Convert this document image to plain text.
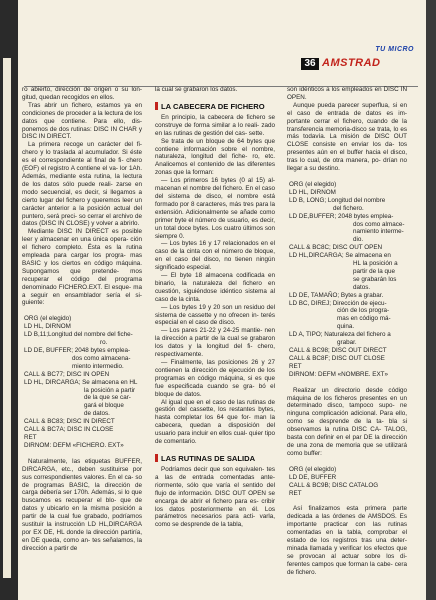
TU MICRO
36 AMSTRAD

ro abierto, dirección de origen o su lon- gitud, quedan recogidos en ellos.

Tras abrir un fichero, estamos ya en condiciones de proceder a la lectura de los datos que contiene. Para ello, dis- ponemos de dos rutinas: DISC IN CHAR y DISC IN DIRECT.

La primera recoge un carácter del fi- chero y lo traslada al acumulador. Si éste es el correspondiente al final de fi- chero (EOF) el registro A contiene el va- lor 1Ah. Además, mediante esta rutina, la lectura de los datos sólo puede reali- zarse en modo secuencial, es decir, si llegamos a cierto lugar del fichero y queremos leer un carácter anterior a la posición actual del puntero, será preci- so cerrar el archivo de datos (DISC IN CLOSE) y volver a abrirlo.

Mediante DISC IN DIRECT es posible leer y almacenar en una única opera- ción el fichero completo. Ésta es la rutina empleada para cargar los progra- mas BASIC y los ciertos en código máquina. Supongamos que pretende- mos recuperar el código del programa denominado FICHERO.EXT. El esque- ma a seguir en ensamblador sería el si- guiente:

ORG (el elegido)

LD HL, DIRNOM

LD B,11;Longitud del nombre del fiche-

ro.

LD DE, BUFFER; 2048 bytes emplea-

dos como almacena-

miento intermedio.

CALL & BC77; DISC IN OPEN

LD HL, DIRCARGA; Se almacena en HL

la posición a partir

de la que se car-

gará el bloque

de datos.

CALL & BC83; DISC IN DIRECT

CALL & BC7A; DISC IN CLOSE

RET

DIRNOM: DEFM «FICHERO. EXT»

Naturalmente, las etiquetas BUFFER, DIRCARGA, etc., deben sustituirse por sus correspondientes valores. En el ca- so de programas BASIC, la dirección de carga debería ser 170h. Además, si lo que buscamos es recuperar el blo- que de datos y ubicarlo en la misma posición a partir de la cual fue grabado, podríamos sustituir la instrucción LD HL,DIRCARGA por EX DE, HL donde la dirección partiría, en DE queda, como an- tes señalamos, la dirección a partir de

la cual se grabaron los datos.

LA CABECERA DE FICHERO

En principio, la cabecera de fichero se construye de forma similar a lo reali- zado en las rutinas de gestión del cas- sette.

Se trata de un bloque de 64 bytes que contiene información sobre el nombre, naturaleza, longitud del fiche- ro, etc. Analicemos el contenido de las diferentes zonas que la forman:

— Los primeros 16 bytes (0 al 15) al- macenan el nombre del fichero. En el caso del sistema de disco, el nombre está formado por 8 caracteres, más tres para la extensión. Adicionalmente se añade como primer byte el número de usuario, es decir, un total doce bytes. Los cuatro últimos son siempre 0.

— Los bytes 16 y 17 relacionados en el caso de la cinta con el número de bloque, en el caso del disco, no tienen ningún significado especial.

— El byte 18 almacena codificada en binario, la naturaleza del fichero en cuestión, siguiéndose idéntico sistema al caso de la cinta.

— Los bytes 19 y 20 son un residuo del sistema de cassette y no ofrecen in- terés especial en el caso de disco.

— Los pares 21-22 y 24-25 mantie- nen la dirección a partir de la cual se grabaron los datos y la longitud del fi- chero, respectivamente.

— Finalmente, las posiciones 26 y 27 contienen la dirección de ejecución de los programas en código máquina, si es que fue especificada cuando se gra- bó el bloque de datos.

Al igual que en el caso de las rutinas de gestión del cassette, los restantes bytes, hasta completar los 64 que for- man la cabecera, quedan a disposición del usuario para incluir en ellos cual- quier tipo de comentario.

LAS RUTINAS DE SALIDA

Podríamos decir que son equivalen- tes a las de entrada comentadas ante- riormente, sólo que varía el sentido del flujo de información. DISC OUT OPEN se encarga de abrir el fichero para es- cribir los datos posteriormente en él. Los parámetros necesarios para acti- varla, como se desprende de la tabla,

son idénticos a los empleados en DISC IN OPEN.

Aunque pueda parecer superflua, si en el caso de entrada de datos es im- portante cerrar el fichero, cuando de la transferencia memoria-disco se trata, lo es más todavía. La misión de DISC OUT CLOSE consiste en enviar los da- tos presentes aún en el buffer hacia el disco, tras lo cual, de otra manera, po- drían no llegar a su destino.

ORG (el elegido)

LD HL, DIRNOM

LD B, LONG; Longitud del nombre

del fichero.

LD DE,BUFFER; 2048 bytes emplea-

dos como almace-

namiento interme-

dio.

CALL & BC8C; DISC OUT OPEN

LD HL,DIRCARGA; Se almacena en

HL la posición a

partir de la que

se grabarán los

datos.

LD DE, TAMAÑO; Bytes a grabar.

LD BC, DIREJ; Dirección de ejecu-

ción de los progra-

mas en código má-

quina.

LD A, TIPO; Naturaleza del fichero a

grabar.

CALL & BC98; DISC OUT DIRECT

CALL & BC8F; DISC OUT CLOSE

RET

DIRNOM: DEFM «NOMBRE. EXT»

Realizar un directorio desde código máquina de los ficheros presentes en un determinado disco, tampoco supo- ne ninguna complicación adicional. Para ello, como se desprende de la ta- bla si observamos la rutina DISC CA- TALOG, basta con definir en el par DE la dirección de una zona de memoria que se utilizará como buffer:

ORG (el elegido)

LD DE, BUFFER

CALL & BC9B; DISC CATALOG

RET

Así finalizamos esta primera parte dedicada a las órdenes de AMSDOS. Es importante practicar con las rutinas comentadas en la tabla, comprobar el estado de los registros tras una deter- minada llamada y verificar los efectos que se provocan al actuar sobre los di- ferentes campos que forman la cabe- cera de fichero.
